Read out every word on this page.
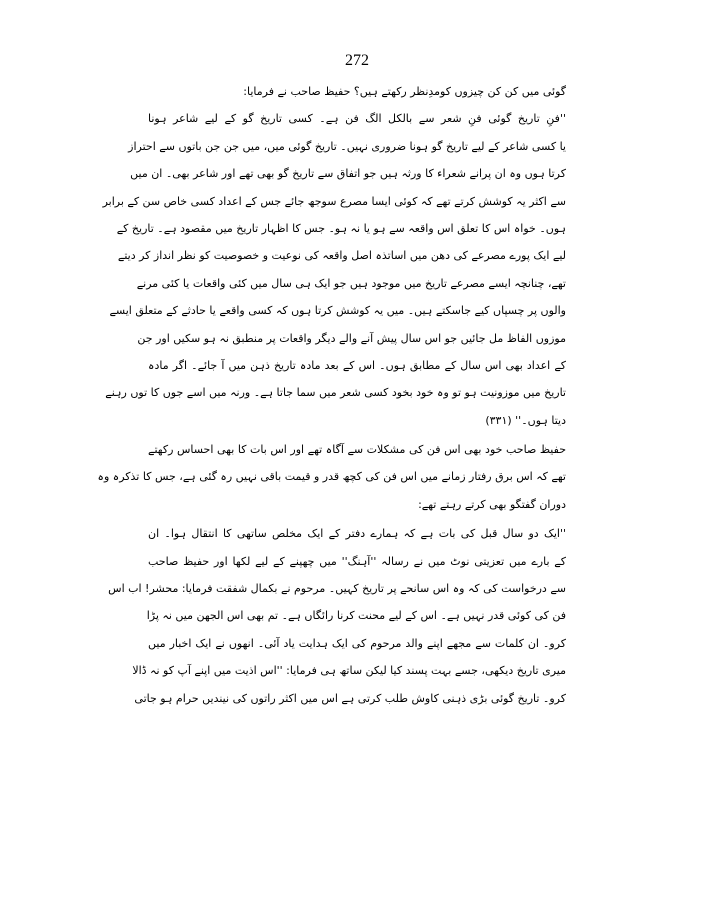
272
گوئی میں کن کن چیزوں کومدِنظر رکھتے ہیں؟ حفیظ صاحب نے فرمایا:
''فنِ تاریخ گوئی فنِ شعر سے بالکل الگ فن ہے۔ کسی تاریخ گو کے لیے شاعر ہونا
یا کسی شاعر کے لیے تاریخ گو ہونا ضروری نہیں۔ تاریخ گوئی میں، میں جن جن باتوں سے احتراز
کرتا ہوں وہ ان پرانے شعراء کا ورثہ ہیں جو اتفاق سے تاریخ گو بھی تھے اور شاعر بھی۔ ان میں
سے اکثر یہ کوشش کرتے تھے کہ کوئی ایسا مصرع سوجھ جائے جس کے اعداد کسی خاص سن کے برابر
ہوں۔ خواہ اس کا تعلق اس واقعہ سے ہو یا نہ ہو۔ جس کا اظہار تاریخ میں مقصود ہے۔ تاریخ کے
لیے ایک پورے مصرعے کی دھن میں اساتذہ اصل واقعہ کی نوعیت و خصوصیت کو نظر انداز کر دیتے
تھے، چنانچہ ایسے مصرعے تاریخ میں موجود ہیں جو ایک ہی سال میں کئی واقعات یا کئی مرنے
والوں پر چسپاں کیے جاسکتے ہیں۔ میں یہ کوشش کرتا ہوں کہ کسی واقعے یا حادثے کے متعلق ایسے
موزوں الفاظ مل جائیں جو اس سال پیش آنے والے دیگر واقعات پر منطبق نہ ہو سکیں اور جن
کے اعداد بھی اس سال کے مطابق ہوں۔ اس کے بعد مادہ تاریخ ذہن میں آ جائے۔ اگر مادہ
تاریخ میں موزونیت ہو تو وہ خود بخود کسی شعر میں سما جاتا ہے۔ ورنہ میں اسے جوں کا توں رہنے
دیتا ہوں۔'' (۳۳۱)
حفیظ صاحب خود بھی اس فن کی مشکلات سے آگاہ تھے اور اس بات کا بھی احساس رکھتے
تھے کہ اس برق رفتار زمانے میں اس فن کی کچھ قدر و قیمت باقی نہیں رہ گئی ہے، جس کا تذکرہ وہ
دوران گفتگو بھی کرتے رہتے تھے:
''ایک دو سال قبل کی بات ہے کہ ہمارے دفتر کے ایک مخلص ساتھی کا انتقال ہوا۔ ان
کے بارے میں تعزیتی نوٹ میں نے رسالہ ''آہنگ'' میں چھپنے کے لیے لکھا اور حفیظ صاحب
سے درخواست کی کہ وہ اس سانحے پر تاریخ کہیں۔ مرحوم نے بکمال شفقت فرمایا: محشر! اب اس
فن کی کوئی قدر نہیں ہے۔ اس کے لیے محنت کرنا رائگاں ہے۔ تم بھی اس الجھن میں نہ پڑا
کرو۔ ان کلمات سے مجھے اپنے والد مرحوم کی ایک ہدایت یاد آئی۔ انھوں نے ایک اخبار میں
میری تاریخ دیکھی، جسے بہت پسند کیا لیکن ساتھ ہی فرمایا: ''اس اذیت میں اپنے آپ کو نہ ڈالا
کرو۔ تاریخ گوئی بڑی ذہنی کاوش طلب کرتی ہے اس میں اکثر راتوں کی نیندیں حرام ہو جاتی
